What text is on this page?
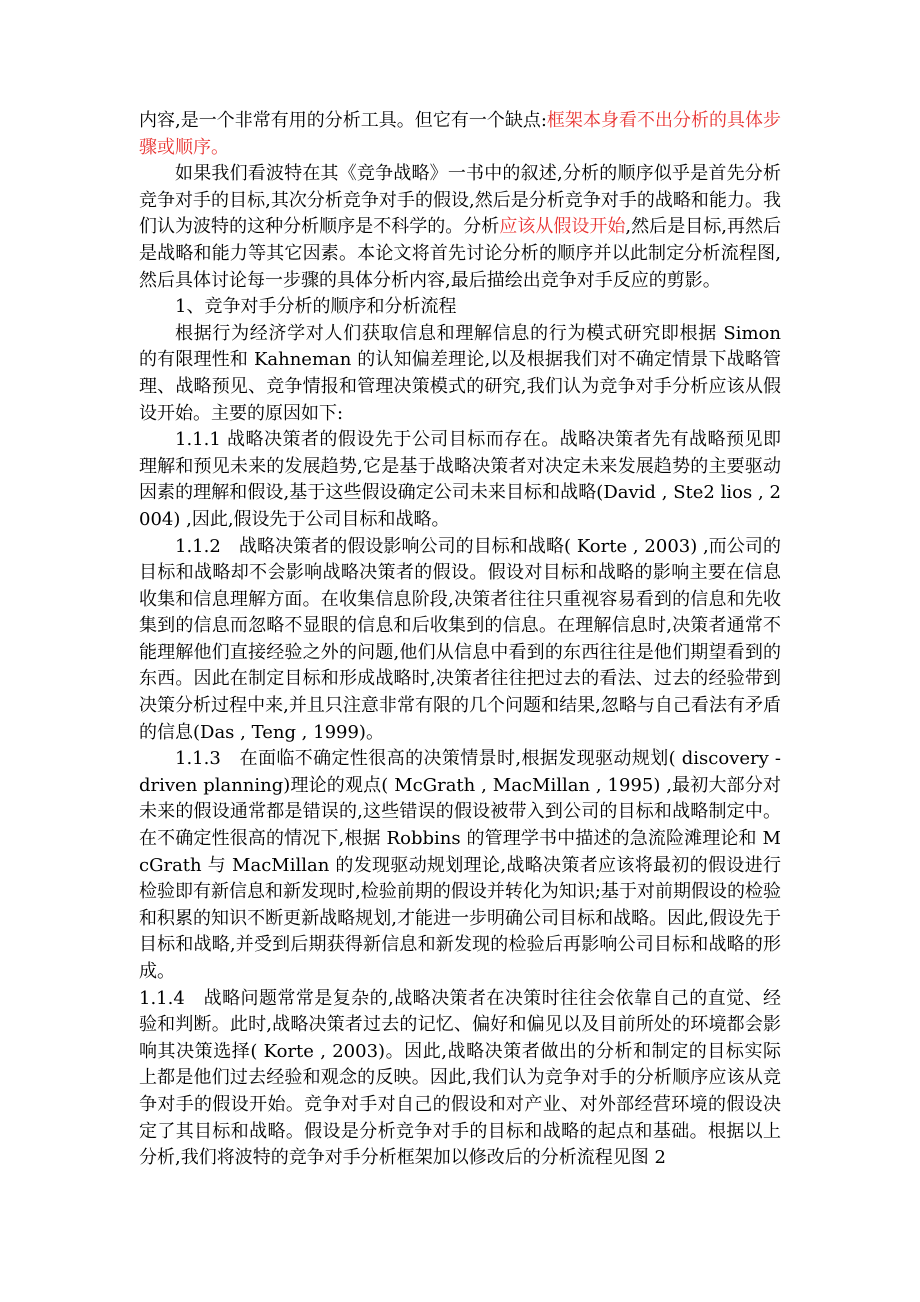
内容,是一个非常有用的分析工具。但它有一个缺点:框架本身看不出分析的具体步骤或顺序。

如果我们看波特在其《竞争战略》一书中的叙述,分析的顺序似乎是首先分析竞争对手的目标,其次分析竞争对手的假设,然后是分析竞争对手的战略和能力。我们认为波特的这种分析顺序是不科学的。分析应该从假设开始,然后是目标,再然后是战略和能力等其它因素。本论文将首先讨论分析的顺序并以此制定分析流程图,然后具体讨论每一步骤的具体分析内容,最后描绘出竞争对手反应的剪影。

1、竞争对手分析的顺序和分析流程

根据行为经济学对人们获取信息和理解信息的行为模式研究即根据 Simon 的有限理性和 Kahneman 的认知偏差理论,以及根据我们对不确定情景下战略管理、战略预见、竞争情报和管理决策模式的研究,我们认为竞争对手分析应该从假设开始。主要的原因如下:

1.1.1 战略决策者的假设先于公司目标而存在。战略决策者先有战略预见即理解和预见未来的发展趋势,它是基于战略决策者对决定未来发展趋势的主要驱动因素的理解和假设,基于这些假设确定公司未来目标和战略(David , Ste2 lios , 2004) ,因此,假设先于公司目标和战略。

1.1.2　战略决策者的假设影响公司的目标和战略( Korte , 2003) ,而公司的目标和战略却不会影响战略决策者的假设。假设对目标和战略的影响主要在信息收集和信息理解方面。在收集信息阶段,决策者往往只重视容易看到的信息和先收集到的信息而忽略不显眼的信息和后收集到的信息。在理解信息时,决策者通常不能理解他们直接经验之外的问题,他们从信息中看到的东西往往是他们期望看到的东西。因此在制定目标和形成战略时,决策者往往把过去的看法、过去的经验带到决策分析过程中来,并且只注意非常有限的几个问题和结果,忽略与自己看法有矛盾的信息(Das , Teng , 1999)。

1.1.3　在面临不确定性很高的决策情景时,根据发现驱动规划( discovery -driven planning)理论的观点( McGrath , MacMillan , 1995) ,最初大部分对未来的假设通常都是错误的,这些错误的假设被带入到公司的目标和战略制定中。在不确定性很高的情况下,根据 Robbins 的管理学书中描述的急流险滩理论和 McGrath 与 MacMillan 的发现驱动规划理论,战略决策者应该将最初的假设进行检验即有新信息和新发现时,检验前期的假设并转化为知识;基于对前期假设的检验和积累的知识不断更新战略规划,才能进一步明确公司目标和战略。因此,假设先于目标和战略,并受到后期获得新信息和新发现的检验后再影响公司目标和战略的形成。

1.1.4　战略问题常常是复杂的,战略决策者在决策时往往会依靠自己的直觉、经验和判断。此时,战略决策者过去的记忆、偏好和偏见以及目前所处的环境都会影响其决策选择( Korte , 2003)。因此,战略决策者做出的分析和制定的目标实际上都是他们过去经验和观念的反映。因此,我们认为竞争对手的分析顺序应该从竞争对手的假设开始。竞争对手对自己的假设和对产业、对外部经营环境的假设决定了其目标和战略。假设是分析竞争对手的目标和战略的起点和基础。根据以上分析,我们将波特的竞争对手分析框架加以修改后的分析流程见图 2
